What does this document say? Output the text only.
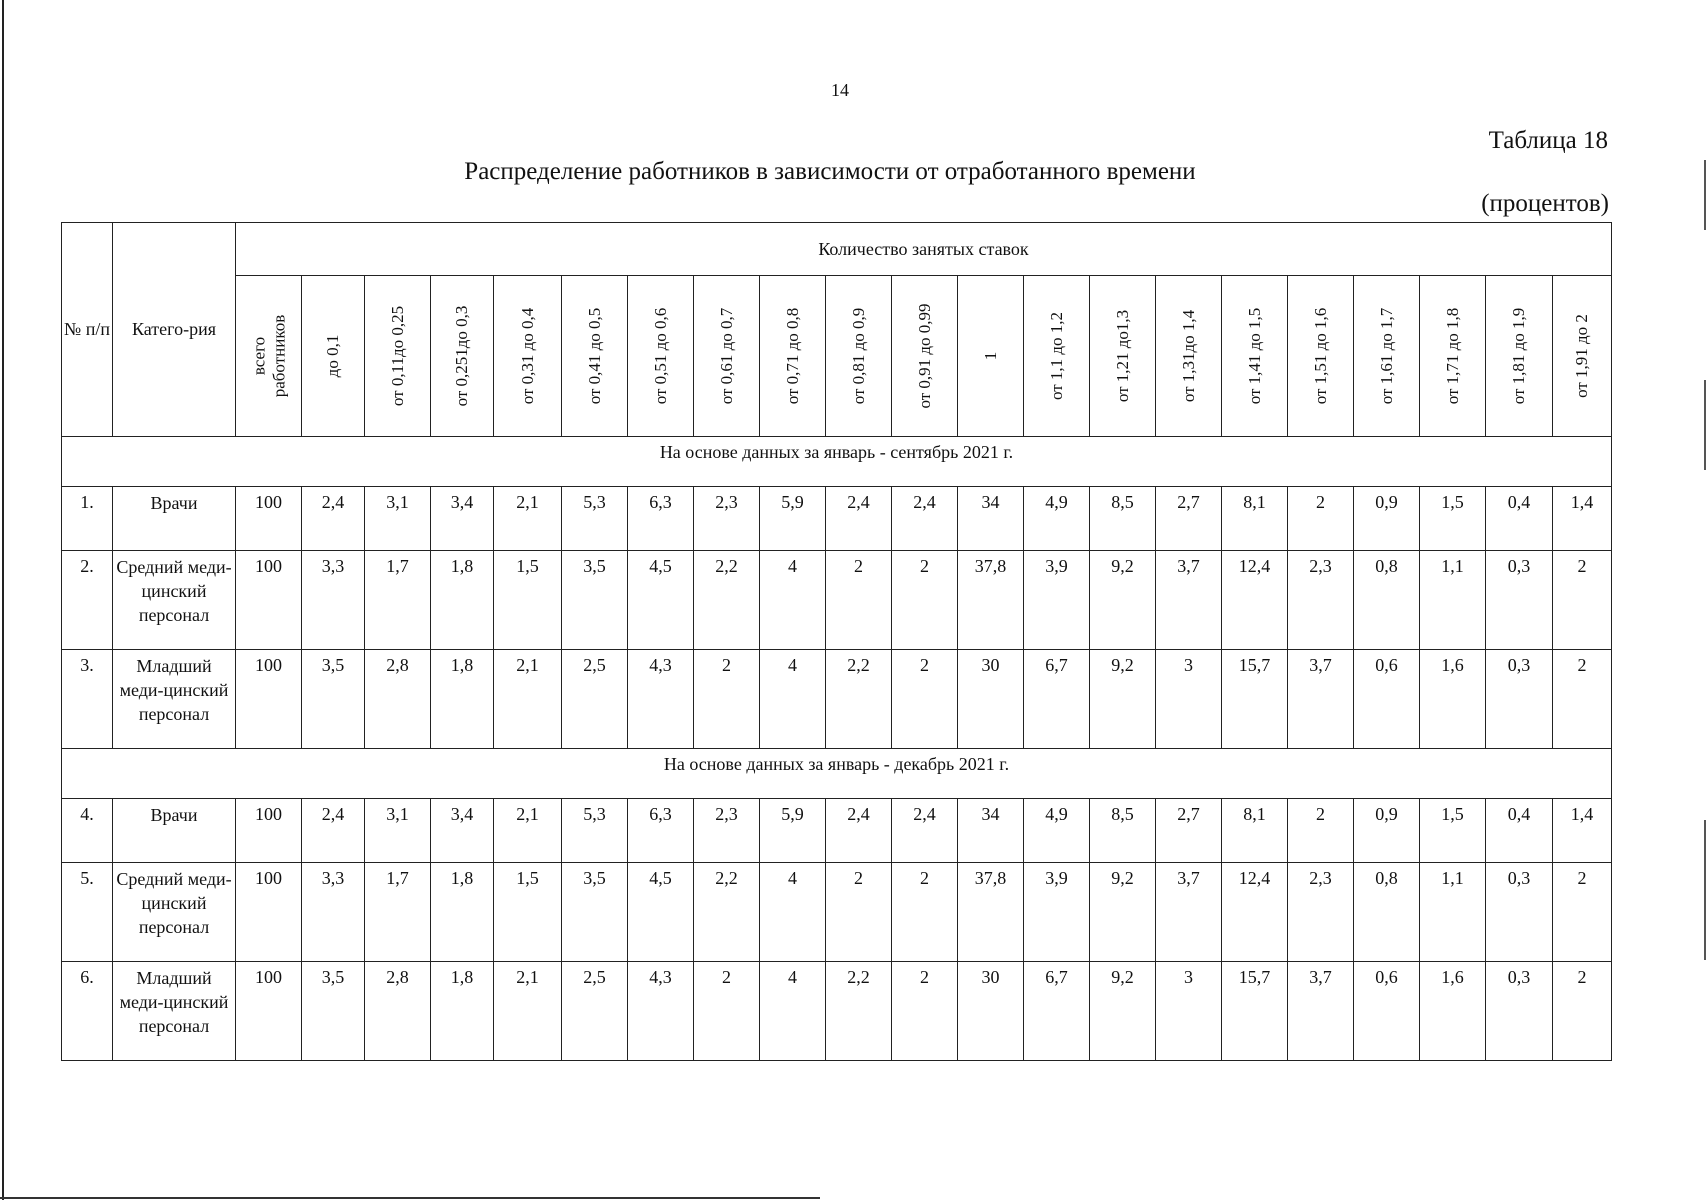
14
Таблица 18
Распределение работников в зависимости от отработанного времени
(процентов)
№ п/п	Катего-рия	Количество занятых ставок																				

		всего работников	до 0,1	от 0,11до 0,25	от 0,251до 0,3	от 0,31 до 0,4	от 0,41 до 0,5	от 0,51 до 0,6	от 0,61 до 0,7	от 0,71 до 0,8	от 0,81 до 0,9	от 0,91 до 0,99	1	от 1,1 до 1,2	от 1,21 до1,3	от 1,31до 1,4	от 1,41 до 1,5	от 1,51 до 1,6	от 1,61 до 1,7	от 1,71 до 1,8	от 1,81 до 1,9	от 1,91 до 2

На основе данных за январь - сентябрь 2021 г.																						
1.	Врачи	100	2,4	3,1	3,4	2,1	5,3	6,3	2,3	5,9	2,4	2,4	34	4,9	8,5	2,7	8,1	2	0,9	1,5	0,4	1,4
2.	Средний меди-цинский персонал	100	3,3	1,7	1,8	1,5	3,5	4,5	2,2	4	2	2	37,8	3,9	9,2	3,7	12,4	2,3	0,8	1,1	0,3	2
3.	Младший меди-цинский персонал	100	3,5	2,8	1,8	2,1	2,5	4,3	2	4	2,2	2	30	6,7	9,2	3	15,7	3,7	0,6	1,6	0,3	2
На основе данных за январь - декабрь 2021 г.																						
4.	Врачи	100	2,4	3,1	3,4	2,1	5,3	6,3	2,3	5,9	2,4	2,4	34	4,9	8,5	2,7	8,1	2	0,9	1,5	0,4	1,4
5.	Средний меди-цинский персонал	100	3,3	1,7	1,8	1,5	3,5	4,5	2,2	4	2	2	37,8	3,9	9,2	3,7	12,4	2,3	0,8	1,1	0,3	2
6.	Младший меди-цинский персонал	100	3,5	2,8	1,8	2,1	2,5	4,3	2	4	2,2	2	30	6,7	9,2	3	15,7	3,7	0,6	1,6	0,3	2
